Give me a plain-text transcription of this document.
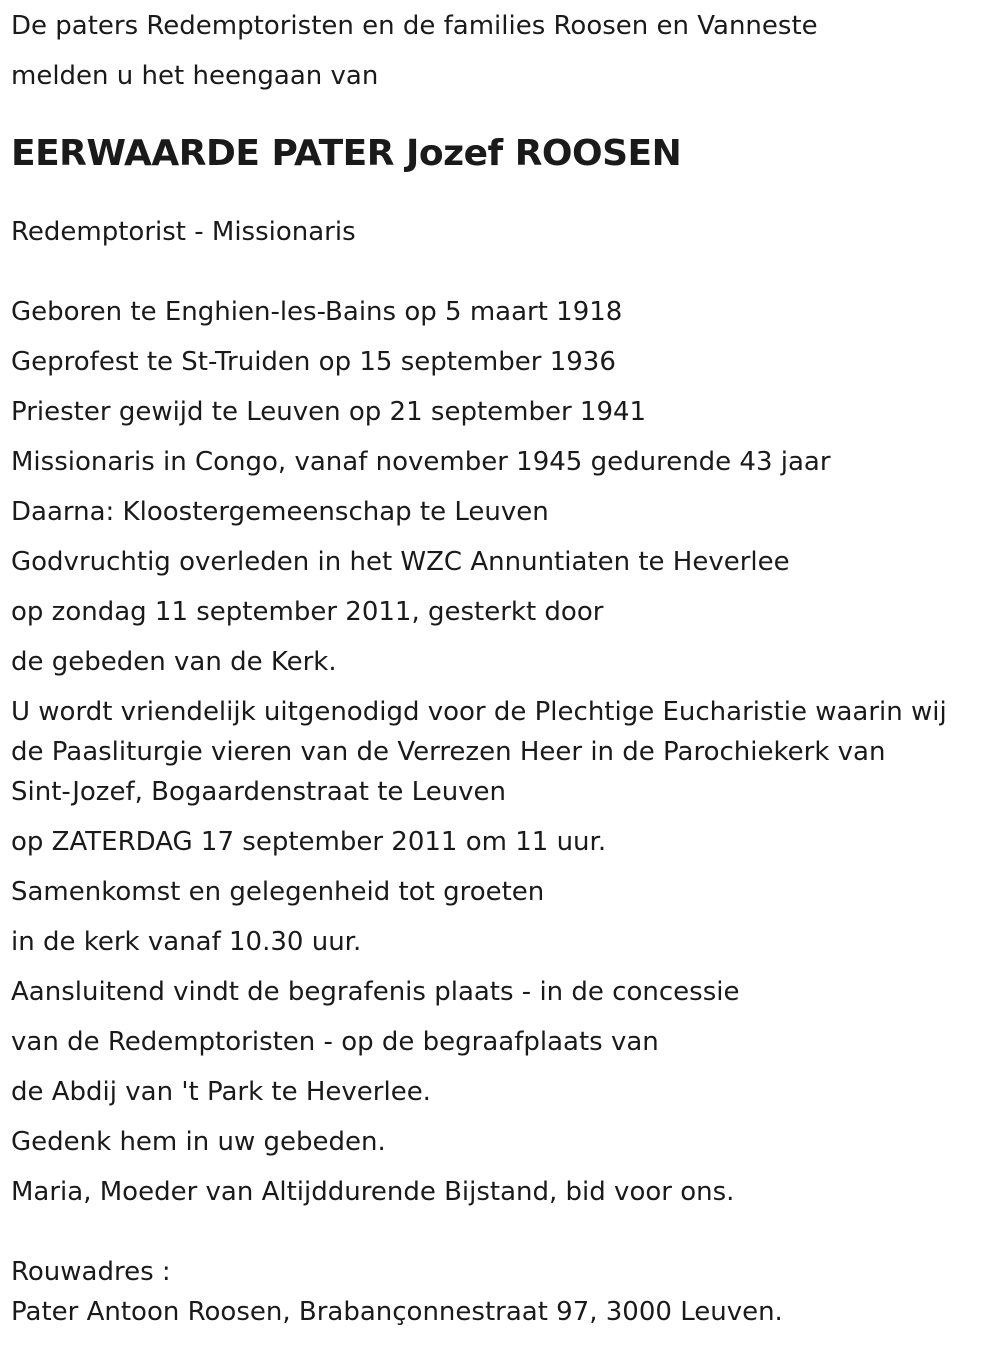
De paters Redemptoristen en de families Roosen en Vanneste
melden u het heengaan van
EERWAARDE PATER Jozef ROOSEN
Redemptorist - Missionaris
Geboren te Enghien-les-Bains op 5 maart 1918
Geprofest te St-Truiden op 15 september 1936
Priester gewijd te Leuven op 21 september 1941
Missionaris in Congo, vanaf november 1945 gedurende 43 jaar
Daarna: Kloostergemeenschap te Leuven
Godvruchtig overleden in het WZC Annuntiaten te Heverlee
op zondag 11 september 2011, gesterkt door
de gebeden van de Kerk.
U wordt vriendelijk uitgenodigd voor de Plechtige Eucharistie waarin wij
de Paasliturgie vieren van de Verrezen Heer in de Parochiekerk van
Sint-Jozef, Bogaardenstraat te Leuven
op ZATERDAG 17 september 2011 om 11 uur.
Samenkomst en gelegenheid tot groeten
in de kerk vanaf 10.30 uur.
Aansluitend vindt de begrafenis plaats - in de concessie
van de Redemptoristen - op de begraafplaats van
de Abdij van 't Park te Heverlee.
Gedenk hem in uw gebeden.
Maria, Moeder van Altijddurende Bijstand, bid voor ons.
Rouwadres :
Pater Antoon Roosen, Brabançonnestraat 97, 3000 Leuven.
